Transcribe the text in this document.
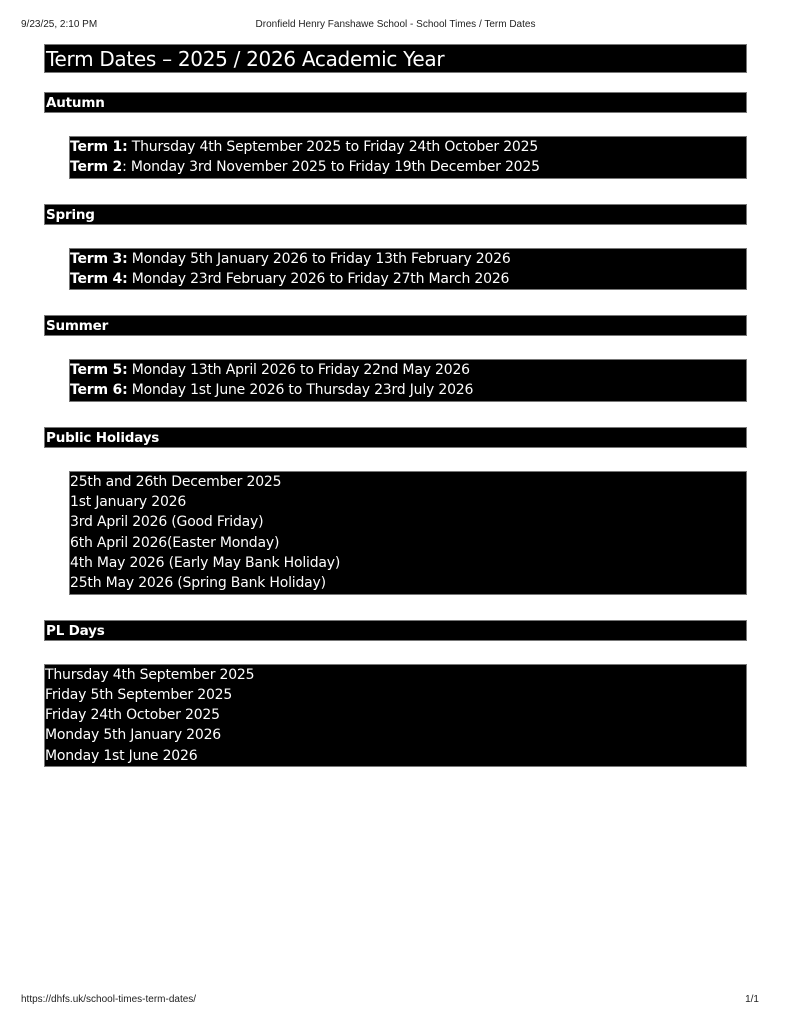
9/23/25, 2:10 PM	Dronfield Henry Fanshawe School - School Times / Term Dates
Term Dates – 2025 / 2026 Academic Year
Autumn
Term 1: Thursday 4th September 2025 to Friday 24th October 2025
Term 2: Monday 3rd November 2025 to Friday 19th December 2025
Spring
Term 3: Monday 5th January 2026 to Friday 13th February 2026
Term 4: Monday 23rd February 2026 to Friday 27th March 2026
Summer
Term 5: Monday 13th April 2026 to Friday 22nd May 2026
Term 6: Monday 1st June 2026 to Thursday 23rd July 2026
Public Holidays
25th and 26th December 2025
1st January 2026
3rd April 2026 (Good Friday)
6th April 2026(Easter Monday)
4th May 2026 (Early May Bank Holiday)
25th May 2026 (Spring Bank Holiday)
PL Days
Thursday 4th September 2025
Friday 5th September 2025
Friday 24th October 2025
Monday 5th January 2026
Monday 1st June 2026
https://dhfs.uk/school-times-term-dates/	1/1
